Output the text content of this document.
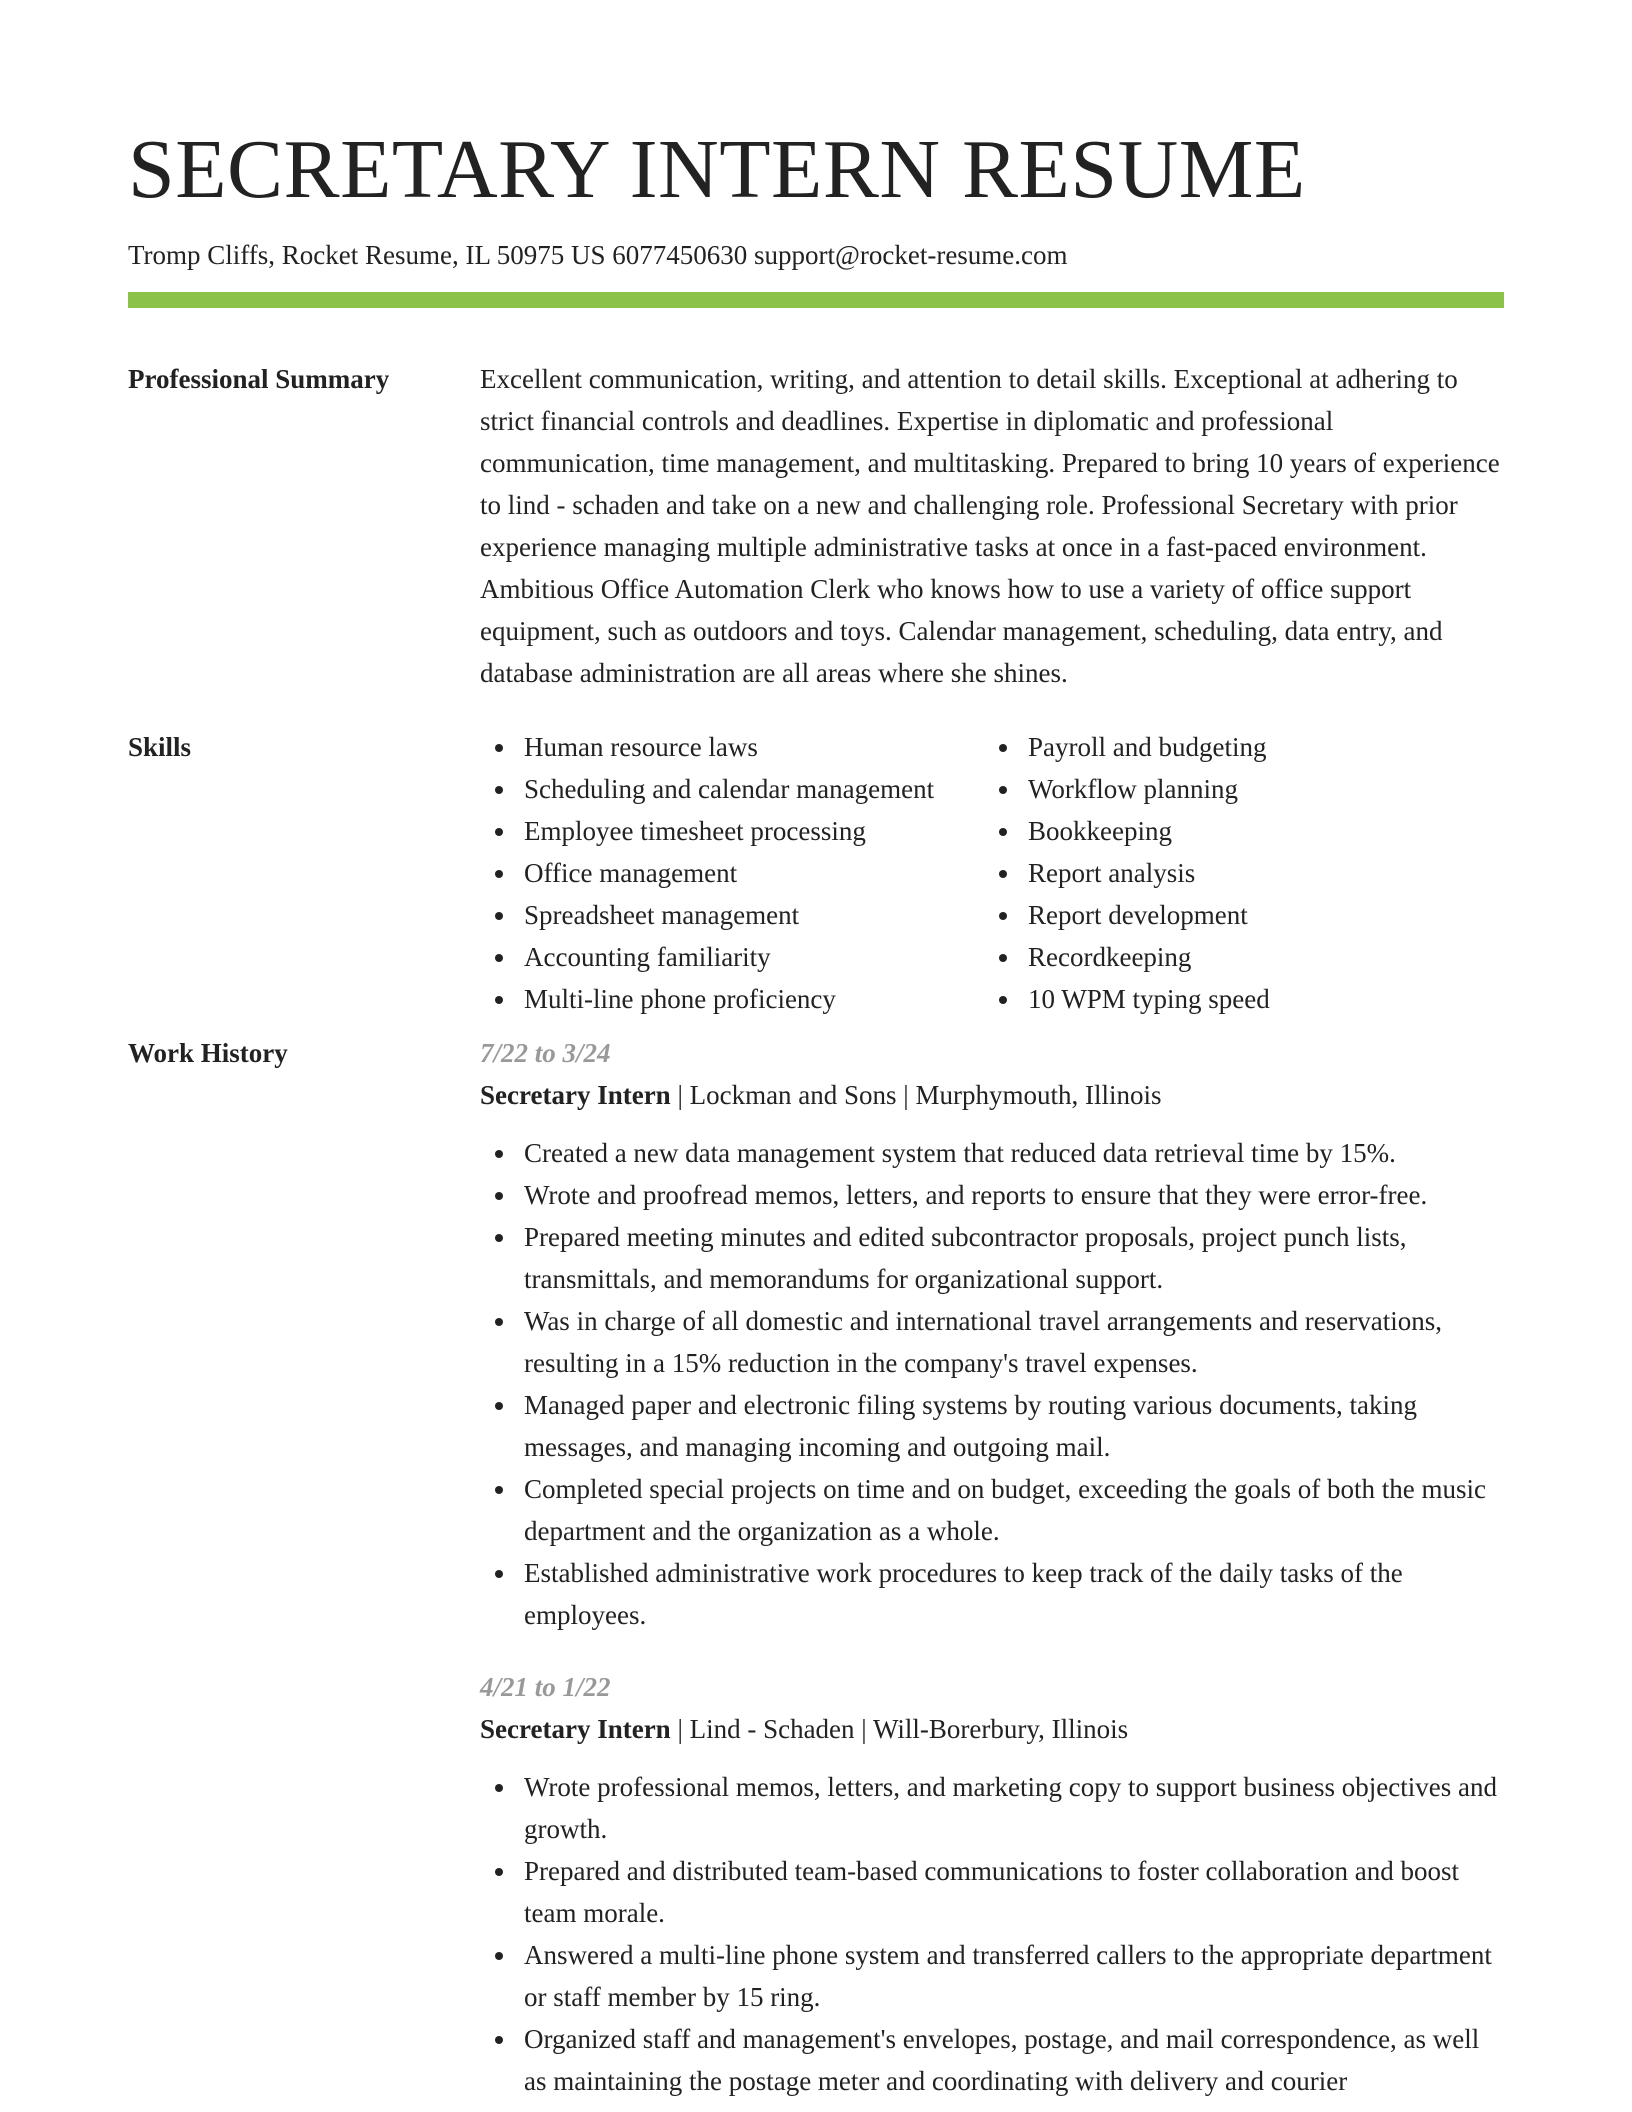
SECRETARY INTERN RESUME
Tromp Cliffs, Rocket Resume, IL 50975 US 6077450630 support@rocket-resume.com
Professional Summary	Excellent communication, writing, and attention to detail skills. Exceptional at adhering to strict financial controls and deadlines. Expertise in diplomatic and professional communication, time management, and multitasking. Prepared to bring 10 years of experience to lind - schaden and take on a new and challenging role. Professional Secretary with prior experience managing multiple administrative tasks at once in a fast-paced environment. Ambitious Office Automation Clerk who knows how to use a variety of office support equipment, such as outdoors and toys. Calendar management, scheduling, data entry, and database administration are all areas where she shines.
Skills	Human resource laws
Scheduling and calendar management
Employee timesheet processing
Office management
Spreadsheet management
Accounting familiarity
Multi-line phone proficiency
Payroll and budgeting
Workflow planning
Bookkeeping
Report analysis
Report development
Recordkeeping
10 WPM typing speed
Work History	7/22 to 3/24
Secretary Intern | Lockman and Sons | Murphymouth, Illinois
Created a new data management system that reduced data retrieval time by 15%.
Wrote and proofread memos, letters, and reports to ensure that they were error-free.
Prepared meeting minutes and edited subcontractor proposals, project punch lists, transmittals, and memorandums for organizational support.
Was in charge of all domestic and international travel arrangements and reservations, resulting in a 15% reduction in the company's travel expenses.
Managed paper and electronic filing systems by routing various documents, taking messages, and managing incoming and outgoing mail.
Completed special projects on time and on budget, exceeding the goals of both the music department and the organization as a whole.
Established administrative work procedures to keep track of the daily tasks of the employees.
4/21 to 1/22
Secretary Intern | Lind - Schaden | Will-Borerbury, Illinois
Wrote professional memos, letters, and marketing copy to support business objectives and growth.
Prepared and distributed team-based communications to foster collaboration and boost team morale.
Answered a multi-line phone system and transferred callers to the appropriate department or staff member by 15 ring.
Organized staff and management's envelopes, postage, and mail correspondence, as well as maintaining the postage meter and coordinating with delivery and courier
